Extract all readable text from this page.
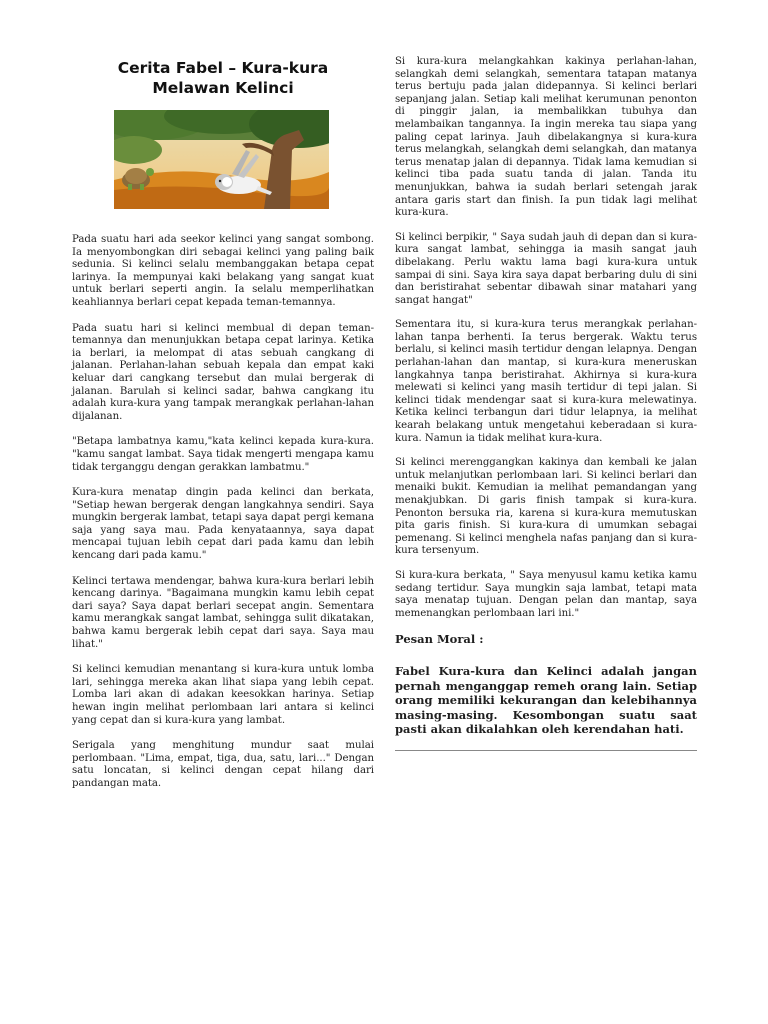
Cerita Fabel – Kura-kura
Melawan Kelinci

Pada suatu hari ada seekor kelinci yang sangat sombong. Ia menyombongkan diri sebagai kelinci yang paling baik sedunia. Si kelinci selalu membanggakan betapa cepat larinya. Ia mempunyai kaki belakang yang sangat kuat untuk berlari seperti angin. Ia selalu memperlihatkan keahliannya berlari cepat kepada teman-temannya.

Pada suatu hari si kelinci membual di depan teman-temannya dan menunjukkan betapa cepat larinya. Ketika ia berlari, ia melompat di atas sebuah cangkang di jalanan. Perlahan-lahan sebuah kepala dan empat kaki keluar dari cangkang tersebut dan mulai bergerak di jalanan. Barulah si kelinci sadar, bahwa cangkang itu adalah kura-kura yang tampak merangkak perlahan-lahan dijalanan.

"Betapa lambatnya kamu,"kata kelinci kepada kura-kura. "kamu sangat lambat. Saya tidak mengerti mengapa kamu tidak terganggu dengan gerakkan lambatmu."

Kura-kura menatap dingin pada kelinci dan berkata, "Setiap hewan bergerak dengan langkahnya sendiri. Saya mungkin bergerak lambat, tetapi saya dapat pergi kemana saja yang saya mau. Pada kenyataannya, saya dapat mencapai tujuan lebih cepat dari pada kamu dan lebih kencang dari pada kamu."

Kelinci tertawa mendengar, bahwa kura-kura berlari lebih kencang darinya. "Bagaimana mungkin kamu lebih cepat dari saya? Saya dapat berlari secepat angin. Sementara kamu merangkak sangat lambat, sehingga sulit dikatakan, bahwa kamu bergerak lebih cepat dari saya. Saya mau lihat."

Si kelinci kemudian menantang si kura-kura untuk lomba lari, sehingga mereka akan lihat siapa yang lebih cepat. Lomba lari akan di adakan keesokkan harinya. Setiap hewan ingin melihat perlombaan lari antara si kelinci yang cepat dan si kura-kura yang lambat.

Serigala yang menghitung mundur saat mulai perlombaan. "Lima, empat, tiga, dua, satu, lari..." Dengan satu loncatan, si kelinci dengan cepat hilang dari pandangan mata.

Si kura-kura melangkahkan kakinya perlahan-lahan, selangkah demi selangkah, sementara tatapan matanya terus bertuju pada jalan didepannya. Si kelinci berlari sepanjang jalan. Setiap kali melihat kerumunan penonton di pinggir jalan, ia membalikkan tubuhya dan melambaikan tangannya. Ia ingin mereka tau siapa yang paling cepat larinya. Jauh dibelakangnya si kura-kura terus melangkah, selangkah demi selangkah, dan matanya terus menatap jalan di depannya. Tidak lama kemudian si kelinci tiba pada suatu tanda di jalan. Tanda itu menunjukkan, bahwa ia sudah berlari setengah jarak antara garis start dan finish. Ia pun tidak lagi melihat kura-kura.

Si kelinci berpikir, " Saya sudah jauh di depan dan si kura-kura sangat lambat, sehingga ia masih sangat jauh dibelakang. Perlu waktu lama bagi kura-kura untuk sampai di sini. Saya kira saya dapat berbaring dulu di sini dan beristirahat sebentar dibawah sinar matahari yang sangat hangat"

Sementara itu, si kura-kura terus merangkak perlahan-lahan tanpa berhenti. Ia terus bergerak. Waktu terus berlalu, si kelinci masih tertidur dengan lelapnya. Dengan perlahan-lahan dan mantap, si kura-kura meneruskan langkahnya tanpa beristirahat. Akhirnya si kura-kura melewati si kelinci yang masih tertidur di tepi jalan. Si kelinci tidak mendengar saat si kura-kura melewatinya. Ketika kelinci terbangun dari tidur lelapnya, ia melihat kearah belakang untuk mengetahui keberadaan si kura-kura. Namun ia tidak melihat kura-kura.

Si kelinci merenggangkan kakinya dan kembali ke jalan untuk melanjutkan perlombaan lari. Si kelinci berlari dan menaiki bukit. Kemudian ia melihat pemandangan yang menakjubkan. Di garis finish tampak si kura-kura. Penonton bersuka ria, karena si kura-kura memutuskan pita garis finish. Si kura-kura di umumkan sebagai pemenang. Si kelinci menghela nafas panjang dan si kura-kura tersenyum.

Si kura-kura berkata, " Saya menyusul kamu ketika kamu sedang tertidur. Saya mungkin saja lambat, tetapi mata saya menatap tujuan. Dengan pelan dan mantap, saya memenangkan perlombaan lari ini."

Pesan Moral :

Fabel Kura-kura dan Kelinci adalah jangan pernah menganggap remeh orang lain. Setiap orang memiliki kekurangan dan kelebihannya masing-masing. Kesombongan suatu saat pasti akan dikalahkan oleh kerendahan hati.
